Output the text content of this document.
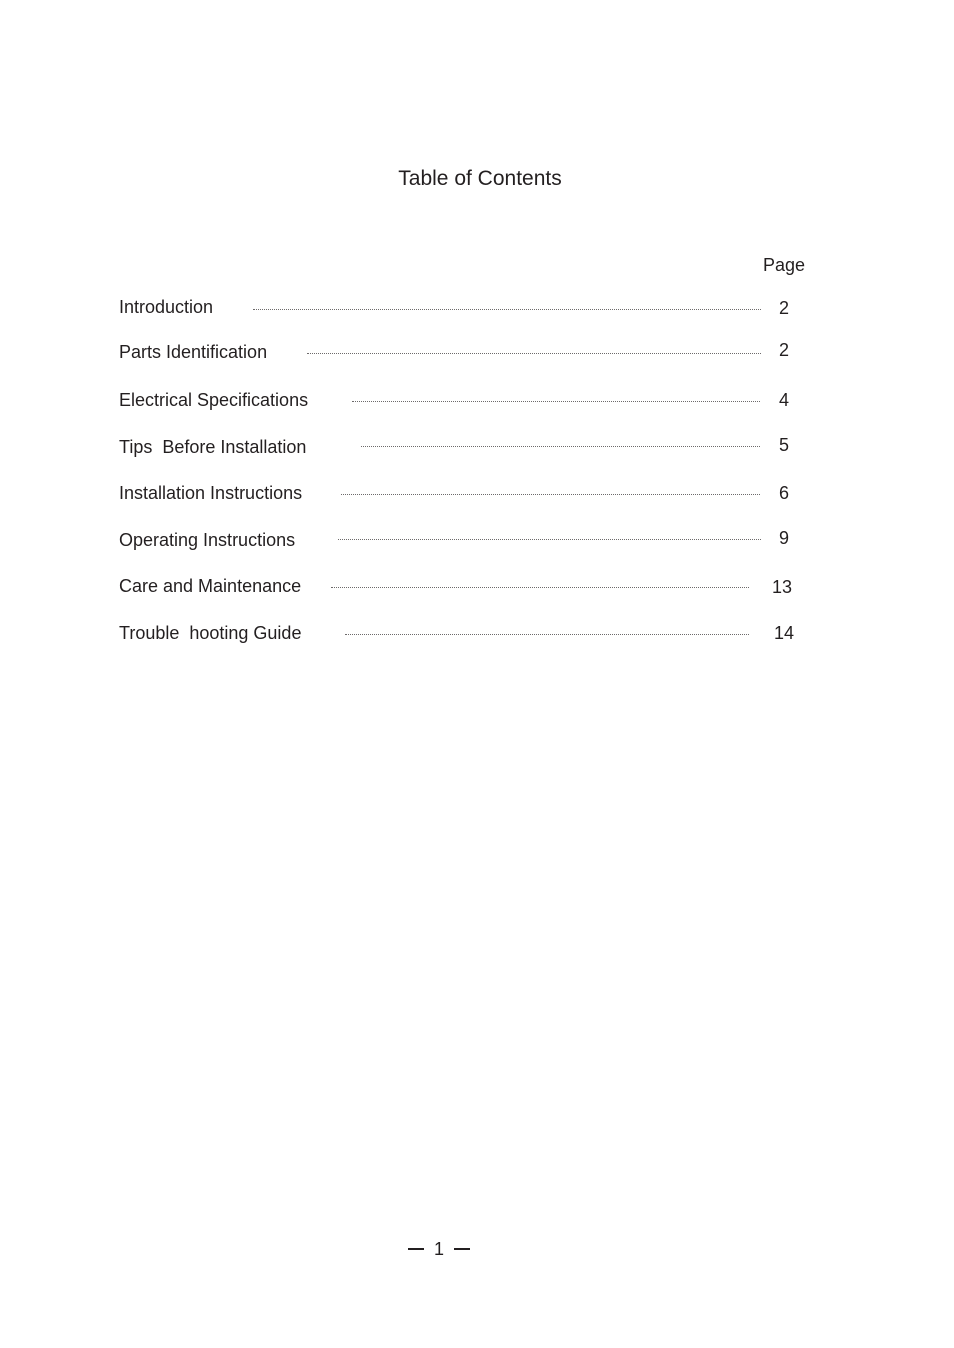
Table of Contents
Page
Introduction	2
Parts Identification	2
Electrical Specifications	4
Tips  Before Installation	5
Installation Instructions	6
Operating Instructions	9
Care and Maintenance	13
Trouble  hooting Guide	14
1
